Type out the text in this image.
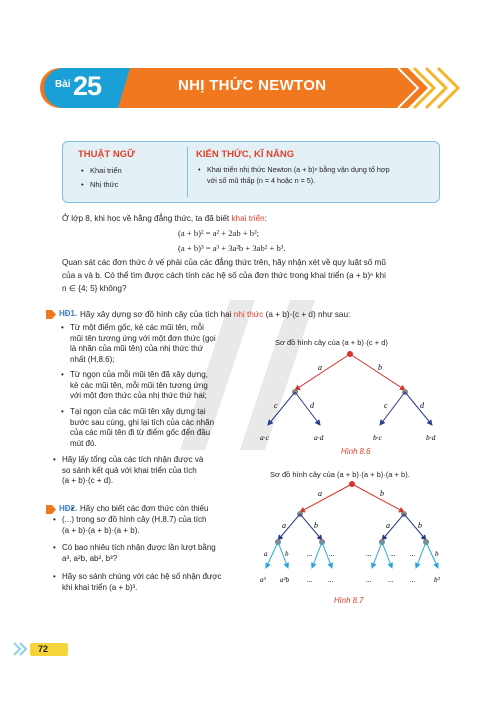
Bài 25	NHỊ THỨC NEWTON
THUẬT NGỮ
• Khai triển
• Nhị thức
KIẾN THỨC, KĨ NĂNG
• Khai triển nhị thức Newton (a + b)ⁿ bằng vận dụng tổ hợp
với số mũ thấp (n = 4 hoặc n = 5).
Ở lớp 8, khi học về hằng đẳng thức, ta đã biết khai triển:
(a + b)² = a² + 2ab + b²;
(a + b)³ = a³ + 3a²b + 3ab² + b³.
Quan sát các đơn thức ở vế phải của các đẳng thức trên, hãy nhận xét về quy luật số mũ
của a và b. Có thể tìm được cách tính các hệ số của đơn thức trong khai triển (a + b)ⁿ khi
n ∈ {4; 5} không?
HĐ1. Hãy xây dựng sơ đồ hình cây của tích hai nhị thức (a + b)·(c + d) như sau:
• Từ một điểm gốc, kẻ các mũi tên, mỗi
mũi tên tương ứng với một đơn thức (gọi
là nhãn của mũi tên) của nhị thức thứ
nhất (H.8.6);
• Từ ngọn của mỗi mũi tên đã xây dựng,
kẻ các mũi tên, mỗi mũi tên tương ứng
với một đơn thức của nhị thức thứ hai;
• Tại ngọn của các mũi tên xây dựng tại
bước sau cùng, ghi lại tích của các nhãn
của các mũi tên đi từ điểm gốc đến đầu
mút đó.
• Hãy lấy tổng của các tích nhận được và
so sánh kết quả với khai triển của tích
(a + b)·(c + d).
HĐ2.
• Hãy cho biết các đơn thức còn thiếu
• (...) trong sơ đồ hình cây (H.8.7) của tích
(a + b)·(a + b)·(a + b).
• Có bao nhiêu tích nhận được lần lượt bằng
a³, a²b, ab², b³?
• Hãy so sánh chúng với các hệ số nhận được
khi khai triển (a + b)³.
Sơ đồ hình cây của (a + b)·(c + d)
a	b
c	d	c	d
a·c	a·d	b·c	b·d
Hình 8.6
Sơ đồ hình cây của (a + b)·(a + b)·(a + b).
a	b
a	b	a	b
a	b	... ...	...	... ...	b
a³ a²b	... ...	... ... ...	b³
Hình 8.7
72
